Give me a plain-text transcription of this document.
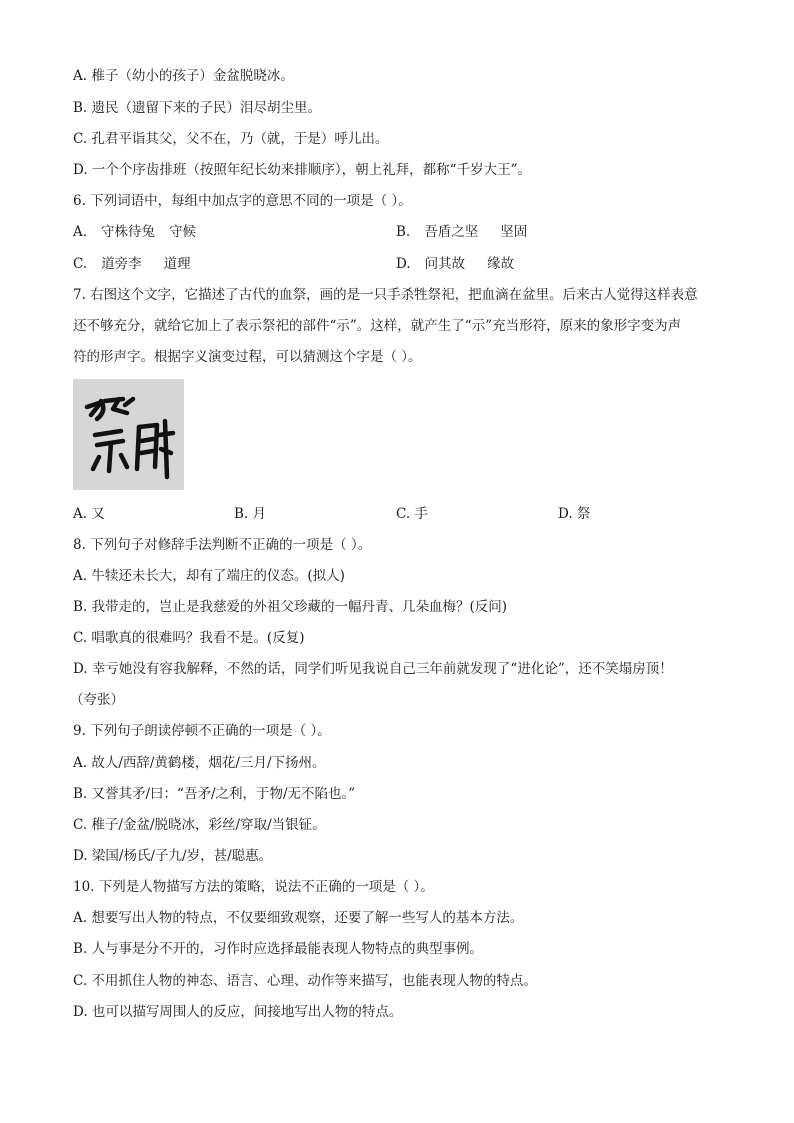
A. 稚子（幼小的孩子）金盆脱晓冰。
B. 遗民（遗留下来的子民）泪尽胡尘里。
C. 孔君平诣其父，父不在，乃（就，于是）呼儿出。
D. 一个个序齿排班（按照年纪长幼来排顺序），朝上礼拜，都称“千岁大王”。
6. 下列词语中，每组中加点字的意思不同的一项是（ ）。
A. 守株待兔 守候	B. 吾盾之坚 坚固
C. 道旁李 道理	D. 问其故 缘故
7. 右图这个文字，它描述了古代的血祭，画的是一只手杀牲祭祀，把血滴在盆里。后来古人觉得这样表意
还不够充分，就给它加上了表示祭祀的部件“示”。这样，就产生了“示”充当形符，原来的象形字变为声
符的形声字。根据字义演变过程，可以猜测这个字是（ ）。
A. 又	B. 月	C. 手	D. 祭
8. 下列句子对修辞手法判断不正确的一项是（ ）。
A. 牛犊还未长大，却有了端庄的仪态。(拟人)
B. 我带走的，岂止是我慈爱的外祖父珍藏的一幅丹青、几朵血梅？(反问)
C. 唱歌真的很难吗？我看不是。(反复)
D. 幸亏她没有容我解释，不然的话，同学们听见我说自己三年前就发现了“进化论”，还不笑塌房顶！
（夸张）
9. 下列句子朗读停顿不正确的一项是（ ）。
A. 故人/西辞/黄鹤楼，烟花/三月/下扬州。
B. 又誉其矛/曰：“吾矛/之利，于物/无不陷也。”
C. 稚子/金盆/脱晓冰，彩丝/穿取/当银钲。
D. 梁国/杨氏/子九/岁，甚/聪惠。
10. 下列是人物描写方法的策略，说法不正确的一项是（ ）。
A. 想要写出人物的特点，不仅要细致观察，还要了解一些写人的基本方法。
B. 人与事是分不开的，习作时应选择最能表现人物特点的典型事例。
C. 不用抓住人物的神态、语言、心理、动作等来描写，也能表现人物的特点。
D. 也可以描写周围人的反应，间接地写出人物的特点。
